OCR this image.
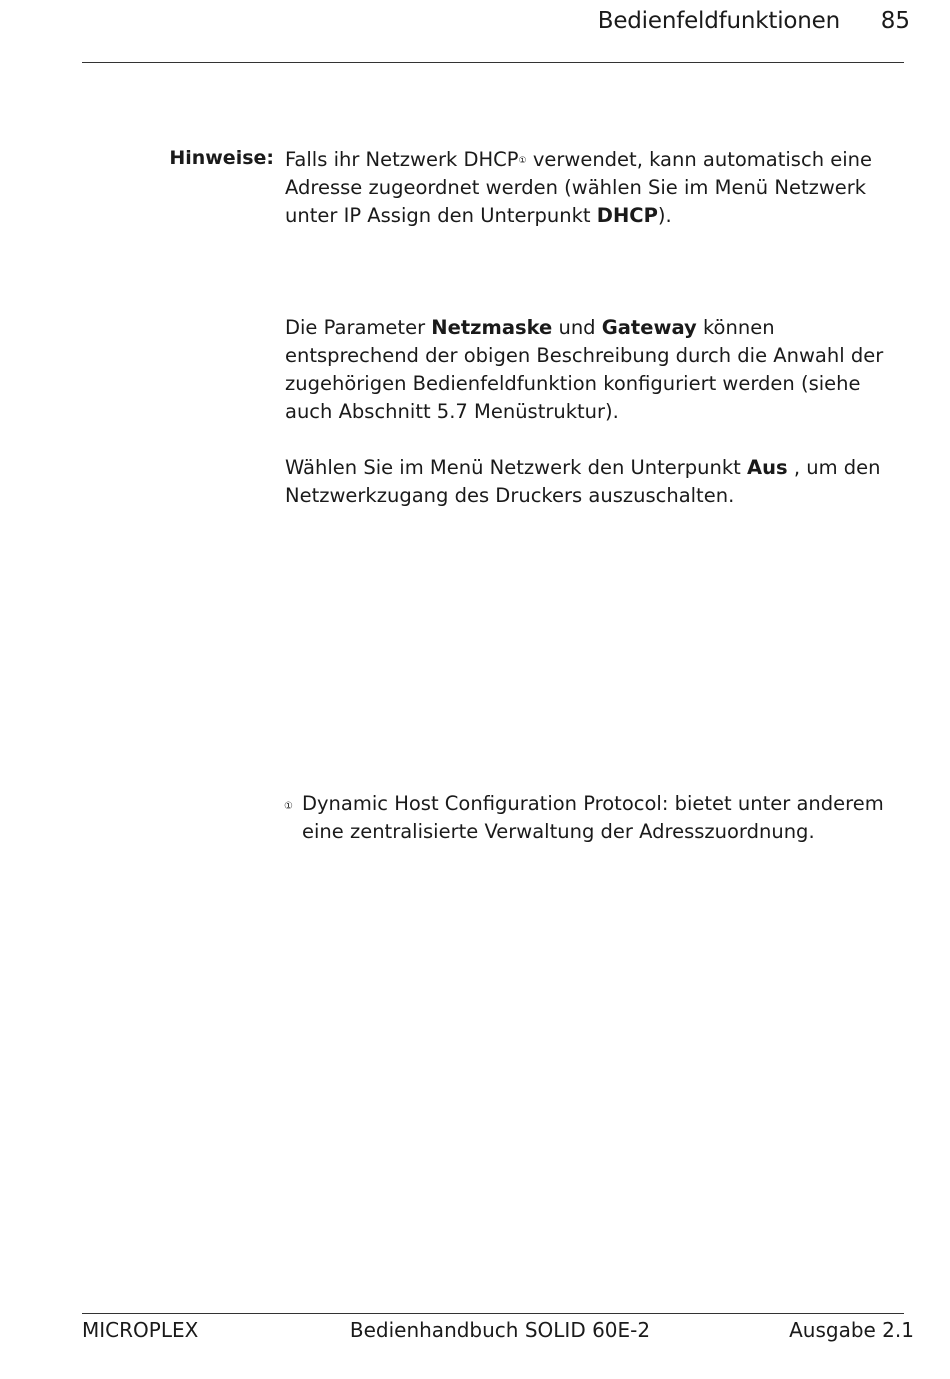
Bedienfeldfunktionen	85
Hinweise: Falls ihr Netzwerk DHCP① verwendet, kann automatisch eine Adresse zugeordnet werden (wählen Sie im Menü Netzwerk unter IP Assign den Unterpunkt DHCP).

Die Parameter Netzmaske und Gateway können entsprechend der obigen Beschreibung durch die Anwahl der zugehörigen Bedienfeldfunktion konfiguriert werden (siehe auch Abschnitt 5.7 Menüstruktur).

Wählen Sie im Menü Netzwerk den Unterpunkt Aus , um den Netzwerkzugang des Druckers auszuschalten.

① Dynamic Host Configuration Protocol: bietet unter anderem
eine zentralisierte Verwaltung der Adresszuordnung.
MICROPLEX	Bedienhandbuch SOLID 60E-2	Ausgabe 2.1
